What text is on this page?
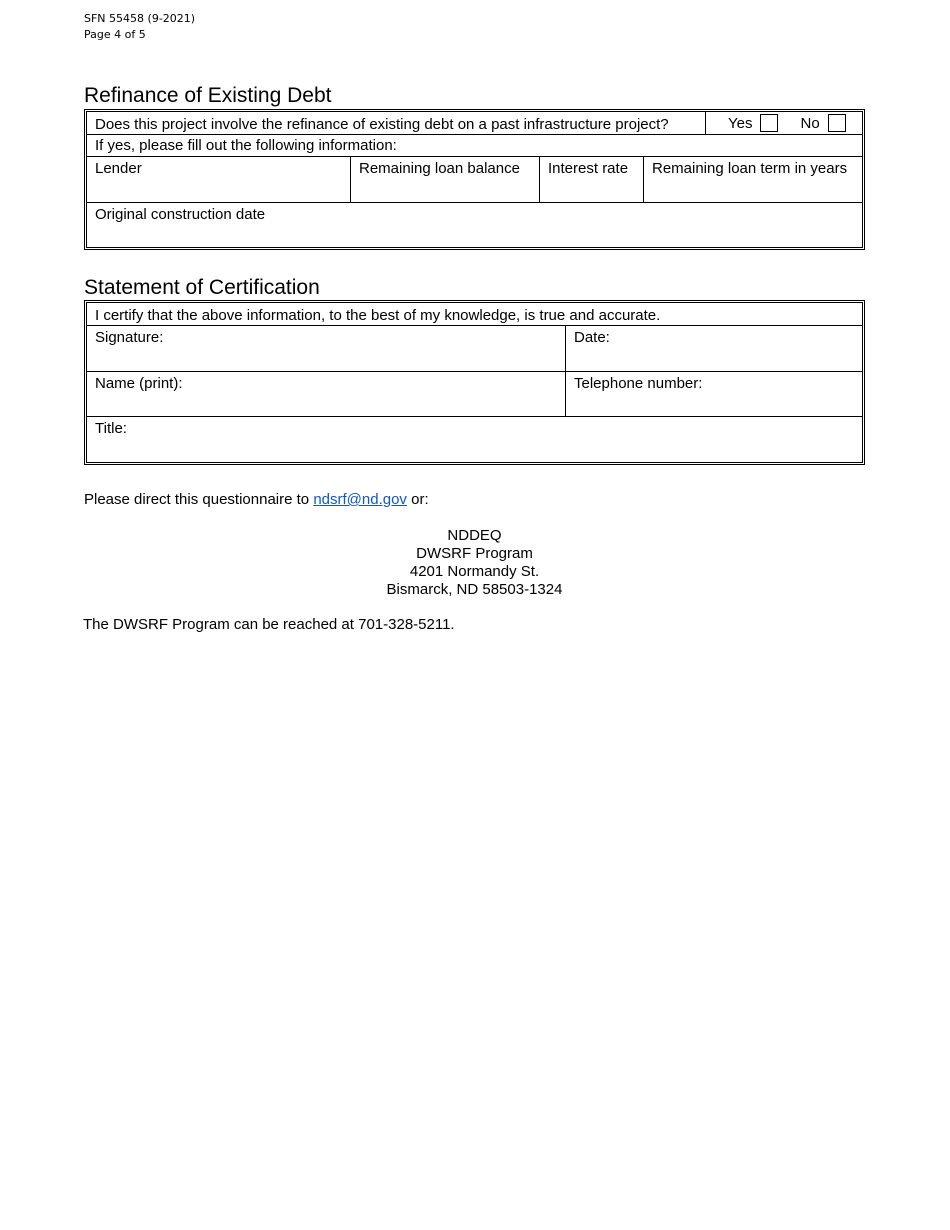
SFN 55458 (9-2021)
Page 4 of 5
Refinance of Existing Debt
Does this project involve the refinance of existing debt on a past infrastructure project?	Yes	No
If yes, please fill out the following information:
Lender	Remaining loan balance	Interest rate	Remaining loan term in years
Original construction date
Statement of Certification
I certify that the above information, to the best of my knowledge, is true and accurate.
Signature:	Date:
Name (print):	Telephone number:
Title:
Please direct this questionnaire to ndsrf@nd.gov or:
NDDEQ
DWSRF Program
4201 Normandy St.
Bismarck, ND 58503-1324
The DWSRF Program can be reached at 701-328-5211.
